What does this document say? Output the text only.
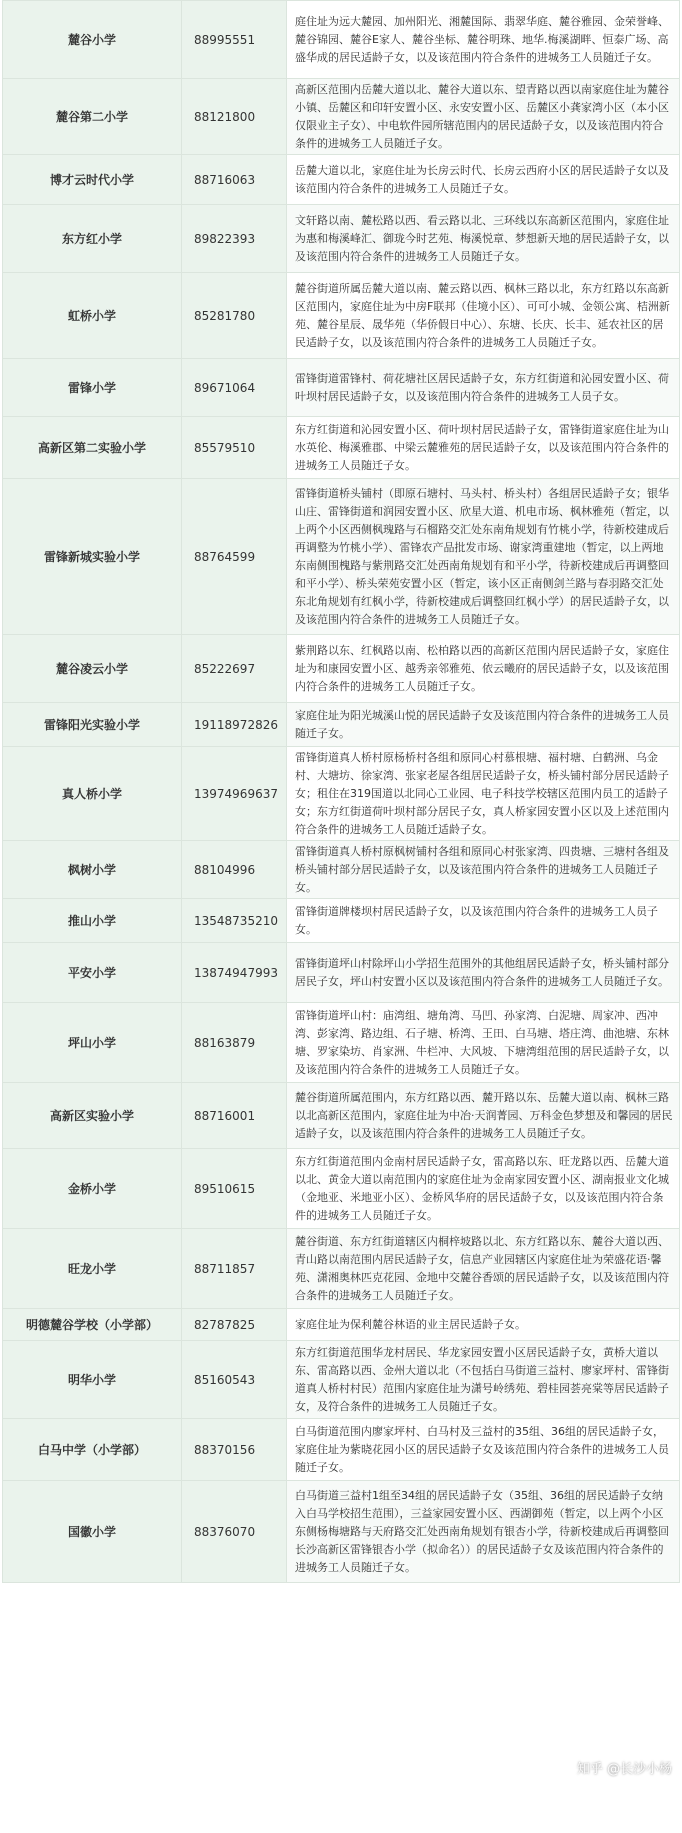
麓谷小学	88995551	庭住址为远大麓园、加州阳光、湘麓国际、翡翠华庭、麓谷雅园、金荣誉峰、麓谷锦园、麓谷E家人、麓谷坐标、麓谷明珠、地华.梅溪湖畔、恒泰广场、高盛华成的居民适龄子女，以及该范围内符合条件的进城务工人员随迁子女。
麓谷第二小学	88121800	高新区范围内岳麓大道以北、麓谷大道以东、望青路以西以南家庭住址为麓谷小镇、岳麓区和印轩安置小区、永安安置小区、岳麓区小龚家湾小区（本小区仅限业主子女）、中电软件园所辖范围内的居民适龄子女，以及该范围内符合条件的进城务工人员随迁子女。
博才云时代小学	88716063	岳麓大道以北，家庭住址为长房云时代、长房云西府小区的居民适龄子女以及该范围内符合条件的进城务工人员随迁子女。
东方红小学	89822393	文轩路以南、麓松路以西、看云路以北、三环线以东高新区范围内，家庭住址为惠和梅溪峰汇、御珑今时艺苑、梅溪悦章、梦想新天地的居民适龄子女，以及该范围内符合条件的进城务工人员随迁子女。
虹桥小学	85281780	麓谷街道所属岳麓大道以南、麓云路以西、枫林三路以北，东方红路以东高新区范围内，家庭住址为中房F联邦（佳境小区）、可可小城、金领公寓、桔洲新苑、麓谷星辰、晟华苑（华侨假日中心）、东塘、长庆、长丰、延农社区的居民适龄子女，以及该范围内符合条件的进城务工人员随迁子女。
雷锋小学	89671064	雷锋街道雷锋村、荷花塘社区居民适龄子女，东方红街道和沁园安置小区、荷叶坝村居民适龄子女，以及该范围内符合条件的进城务工人员子女。
高新区第二实验小学	85579510	东方红街道和沁园安置小区、荷叶坝村居民适龄子女，雷锋街道家庭住址为山水英伦、梅溪雅郡、中梁云麓雅苑的居民适龄子女，以及该范围内符合条件的进城务工人员随迁子女。
雷锋新城实验小学	88764599	雷锋街道桥头铺村（即原石塘村、马头村、桥头村）各组居民适龄子女；银华山庄、雷锋街道和润园安置小区、欣星大道、机电市场、枫林雅苑（暂定，以上两个小区西侧枫瑰路与石榴路交汇处东南角规划有竹桃小学，待新校建成后再调整为竹桃小学）、雷锋农产品批发市场、谢家湾重建地（暂定，以上两地东南侧围槐路与紫荆路交汇处西南角规划有和平小学，待新校建成后再调整回和平小学）、桥头荣苑安置小区（暂定，该小区正南侧剑兰路与春羽路交汇处东北角规划有红枫小学，待新校建成后调整回红枫小学）的居民适龄子女，以及该范围内符合条件的进城务工人员随迁子女。
麓谷凌云小学	85222697	紫荆路以东、红枫路以南、松柏路以西的高新区范围内居民适龄子女，家庭住址为和康园安置小区、越秀亲邻雅苑、依云曦府的居民适龄子女，以及该范围内符合条件的进城务工人员随迁子女。
雷锋阳光实验小学	19118972826	家庭住址为阳光城溪山悦的居民适龄子女及该范围内符合条件的进城务工人员随迁子女。
真人桥小学	13974969637	雷锋街道真人桥村原杨桥村各组和原同心村慕根塘、福村塘、白鹤洲、乌金村、大塘坊、徐家湾、张家老屋各组居民适龄子女，桥头铺村部分居民适龄子女；租住在319国道以北同心工业园、电子科技学校辖区范围内员工的适龄子女；东方红街道荷叶坝村部分居民子女，真人桥家园安置小区以及上述范围内符合条件的进城务工人员随迁适龄子女。
枫树小学	88104996	雷锋街道真人桥村原枫树铺村各组和原同心村张家湾、四贵塘、三塘村各组及桥头铺村部分居民适龄子女，以及该范围内符合条件的进城务工人员随迁子女。
推山小学	13548735210	雷锋街道牌楼坝村居民适龄子女，以及该范围内符合条件的进城务工人员子女。
平安小学	13874947993	雷锋街道坪山村除坪山小学招生范围外的其他组居民适龄子女，桥头铺村部分居民子女，坪山村安置小区以及该范围内符合条件的进城务工人员随迁子女。
坪山小学	88163879	雷锋街道坪山村：庙湾组、塘角湾、马凹、孙家湾、白泥塘、周家冲、西冲湾、彭家湾、路边组、石子塘、桥湾、王田、白马塘、塔庄湾、曲池塘、东林塘、罗家染坊、肖家洲、牛栏冲、大风坡、下塘湾组范围的居民适龄子女，以及该范围内符合条件的进城务工人员随迁子女。
高新区实验小学	88716001	麓谷街道所属范围内，东方红路以西、麓开路以东、岳麓大道以南、枫林三路以北高新区范围内，家庭住址为中冶·天润菁园、万科金色梦想及和馨园的居民适龄子女，以及该范围内符合条件的进城务工人员随迁子女。
金桥小学	89510615	东方红街道范围内金南村居民适龄子女，雷高路以东、旺龙路以西、岳麓大道以北、黄金大道以南范围内的家庭住址为金南家园安置小区、湖南报业文化城（金地亚、米地亚小区）、金桥风华府的居民适龄子女，以及该范围内符合条件的进城务工人员随迁子女。
旺龙小学	88711857	麓谷街道、东方红街道辖区内桐梓坡路以北、东方红路以东、麓谷大道以西、青山路以南范围内居民适龄子女，信息产业园辖区内家庭住址为荣盛花语·馨苑、潇湘奥林匹克花园、金地中交麓谷香颂的居民适龄子女，以及该范围内符合条件的进城务工人员随迁子女。
明德麓谷学校（小学部）	82787825	家庭住址为保利麓谷林语的业主居民适龄子女。
明华小学	85160543	东方红街道范围华龙村居民、华龙家园安置小区居民适龄子女，黄桥大道以东、雷高路以西、金州大道以北（不包括白马街道三益村、廖家坪村、雷锋街道真人桥村村民）范围内家庭住址为潇号岭绣苑、碧桂园荟亮棠等居民适龄子女，及符合条件的进城务工人员随迁子女。
白马中学（小学部）	88370156	白马街道范围内廖家坪村、白马村及三益村的35组、36组的居民适龄子女，家庭住址为紫晓花园小区的居民适龄子女及该范围内符合条件的进城务工人员随迁子女。
国徽小学	88376070	白马街道三益村1组至34组的居民适龄子女（35组、36组的居民适龄子女纳入白马学校招生范围），三益家园安置小区、西湖御苑（暂定，以上两个小区东侧杨梅塘路与天府路交汇处西南角规划有银杏小学，待新校建成后再调整回长沙高新区雷锋银杏小学（拟命名））的居民适龄子女及该范围内符合条件的进城务工人员随迁子女。
知乎 @长沙小杨
